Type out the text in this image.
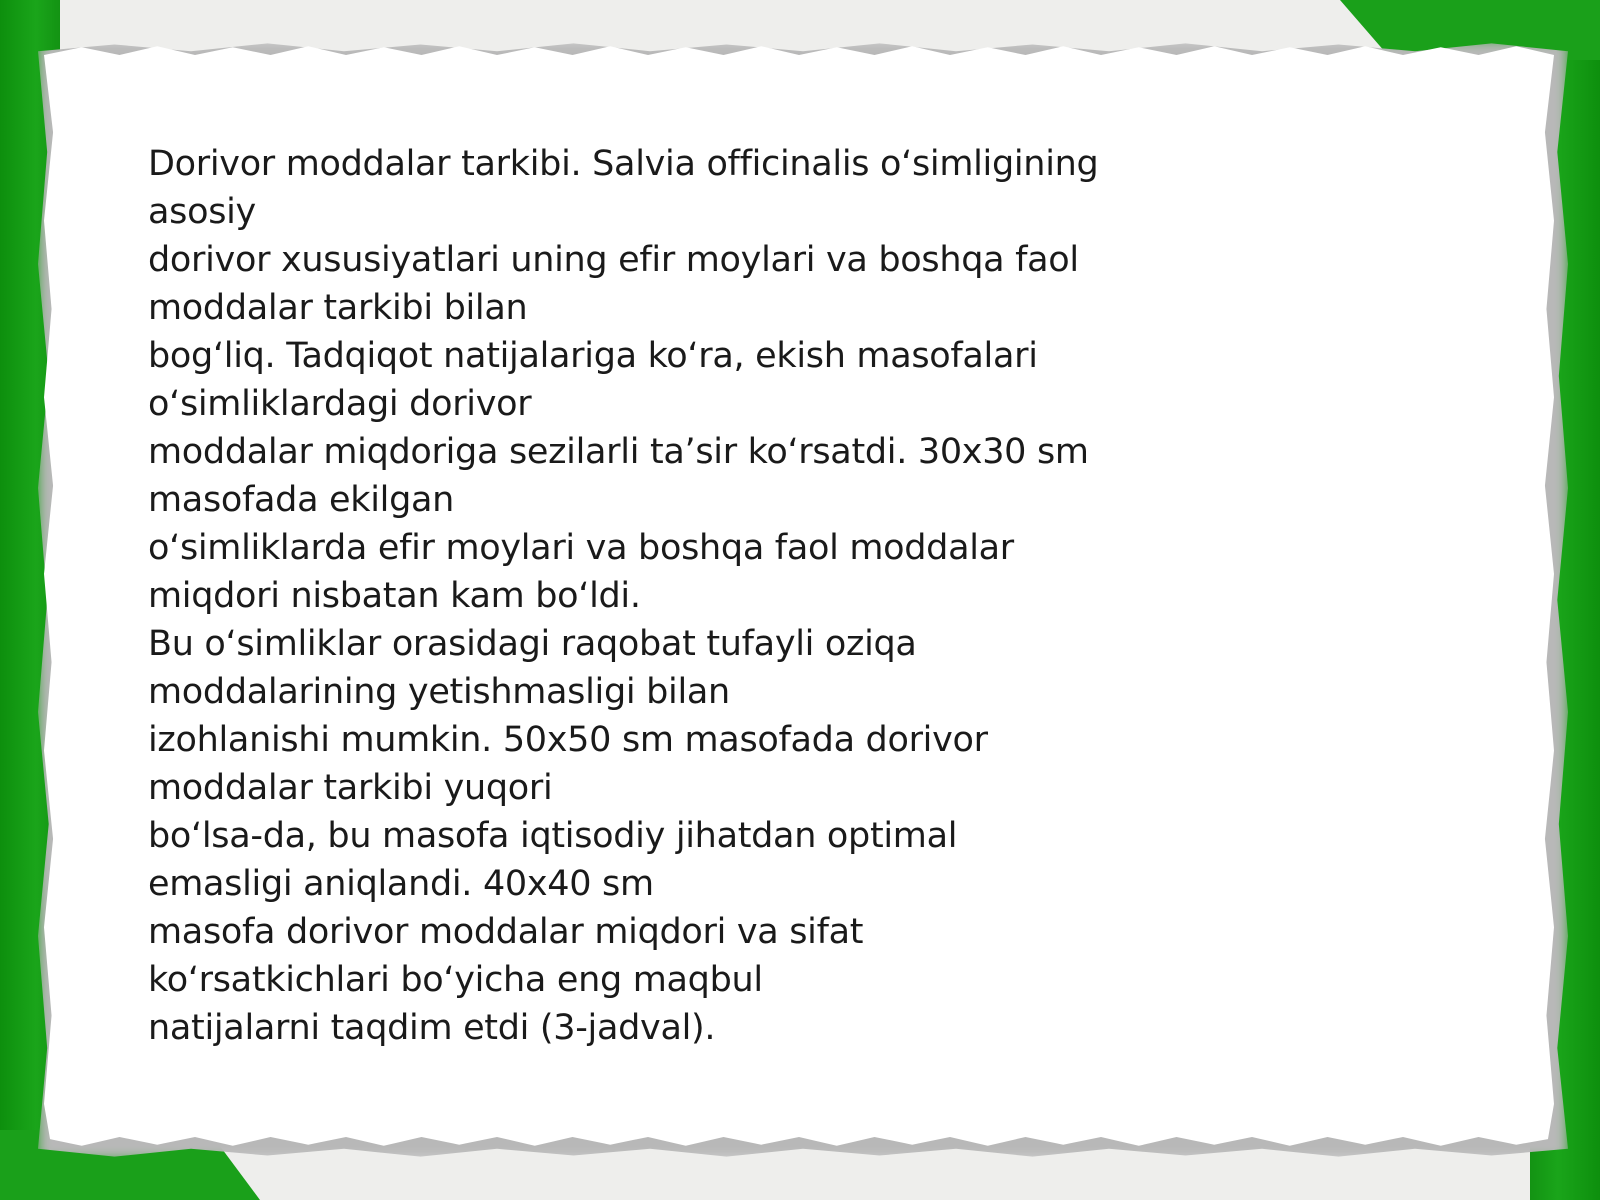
Dorivor moddalar tarkibi. Salvia officinalis o‘simligining
asosiy
dorivor xususiyatlari uning efir moylari va boshqa faol
moddalar tarkibi bilan
bog‘liq. Tadqiqot natijalariga ko‘ra, ekish masofalari
o‘simliklardagi dorivor
moddalar miqdoriga sezilarli ta’sir ko‘rsatdi. 30x30 sm
masofada ekilgan
o‘simliklarda efir moylari va boshqa faol moddalar
miqdori nisbatan kam bo‘ldi.
Bu o‘simliklar orasidagi raqobat tufayli oziqa
moddalarining yetishmasligi bilan
izohlanishi mumkin. 50x50 sm masofada dorivor
moddalar tarkibi yuqori
bo‘lsa-da, bu masofa iqtisodiy jihatdan optimal
emasligi aniqlandi. 40x40 sm
masofa dorivor moddalar miqdori va sifat
ko‘rsatkichlari bo‘yicha eng maqbul
natijalarni taqdim etdi (3-jadval).
